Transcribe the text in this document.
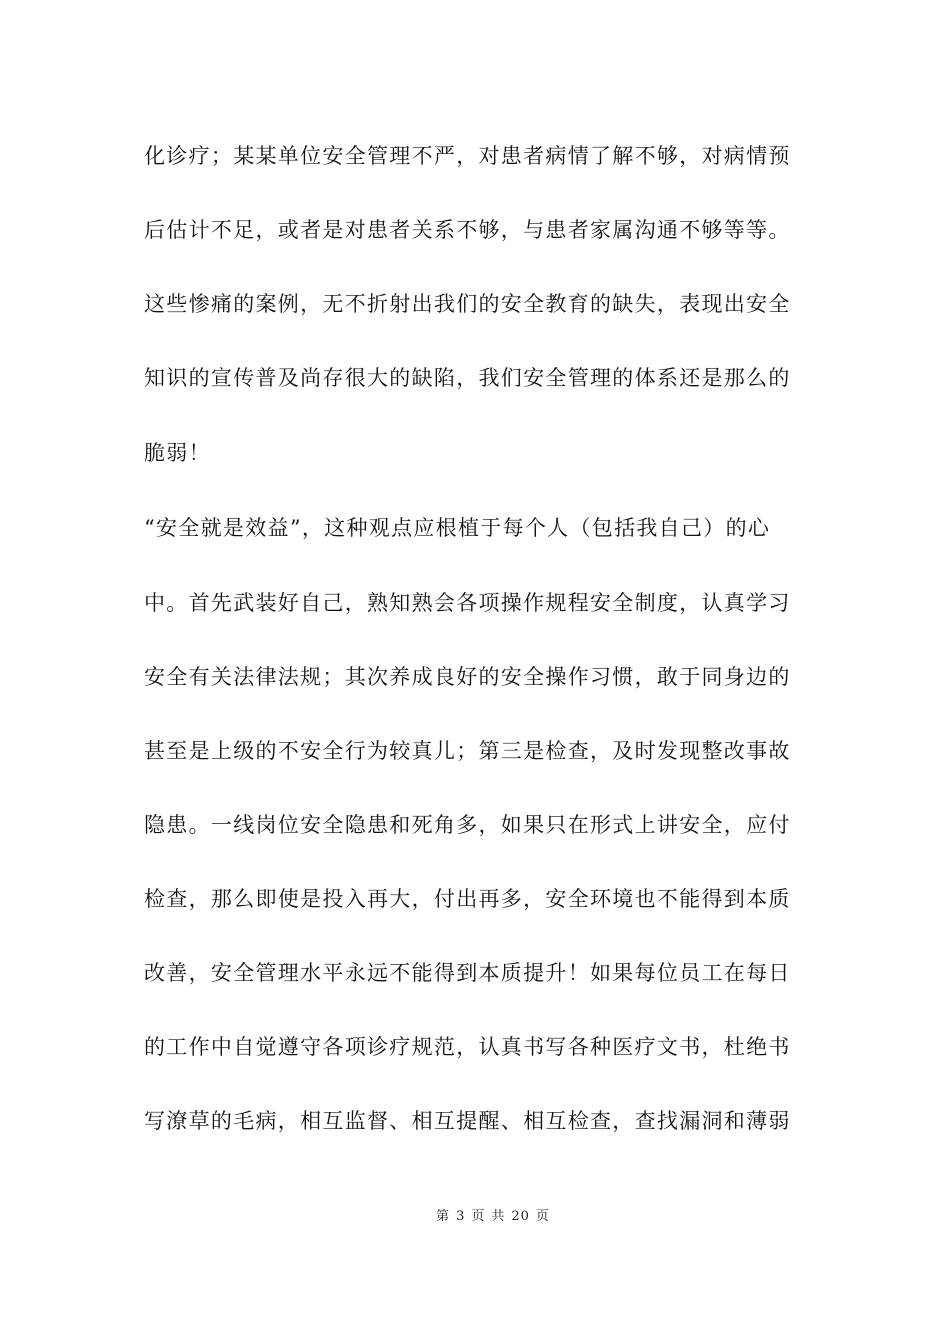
化诊疗；某某单位安全管理不严，对患者病情了解不够，对病情预
后估计不足，或者是对患者关系不够，与患者家属沟通不够等等。
这些惨痛的案例，无不折射出我们的安全教育的缺失，表现出安全
知识的宣传普及尚存很大的缺陷，我们安全管理的体系还是那么的
脆弱！
“安全就是效益”，这种观点应根植于每个人（包括我自己）的心
中。首先武装好自己，熟知熟会各项操作规程安全制度，认真学习
安全有关法律法规；其次养成良好的安全操作习惯，敢于同身边的
甚至是上级的不安全行为较真儿；第三是检查，及时发现整改事故
隐患。一线岗位安全隐患和死角多，如果只在形式上讲安全，应付
检查，那么即使是投入再大，付出再多，安全环境也不能得到本质
改善，安全管理水平永远不能得到本质提升！如果每位员工在每日
的工作中自觉遵守各项诊疗规范，认真书写各种医疗文书，杜绝书
写潦草的毛病，相互监督、相互提醒、相互检查，查找漏洞和薄弱
第 3 页 共 20 页
